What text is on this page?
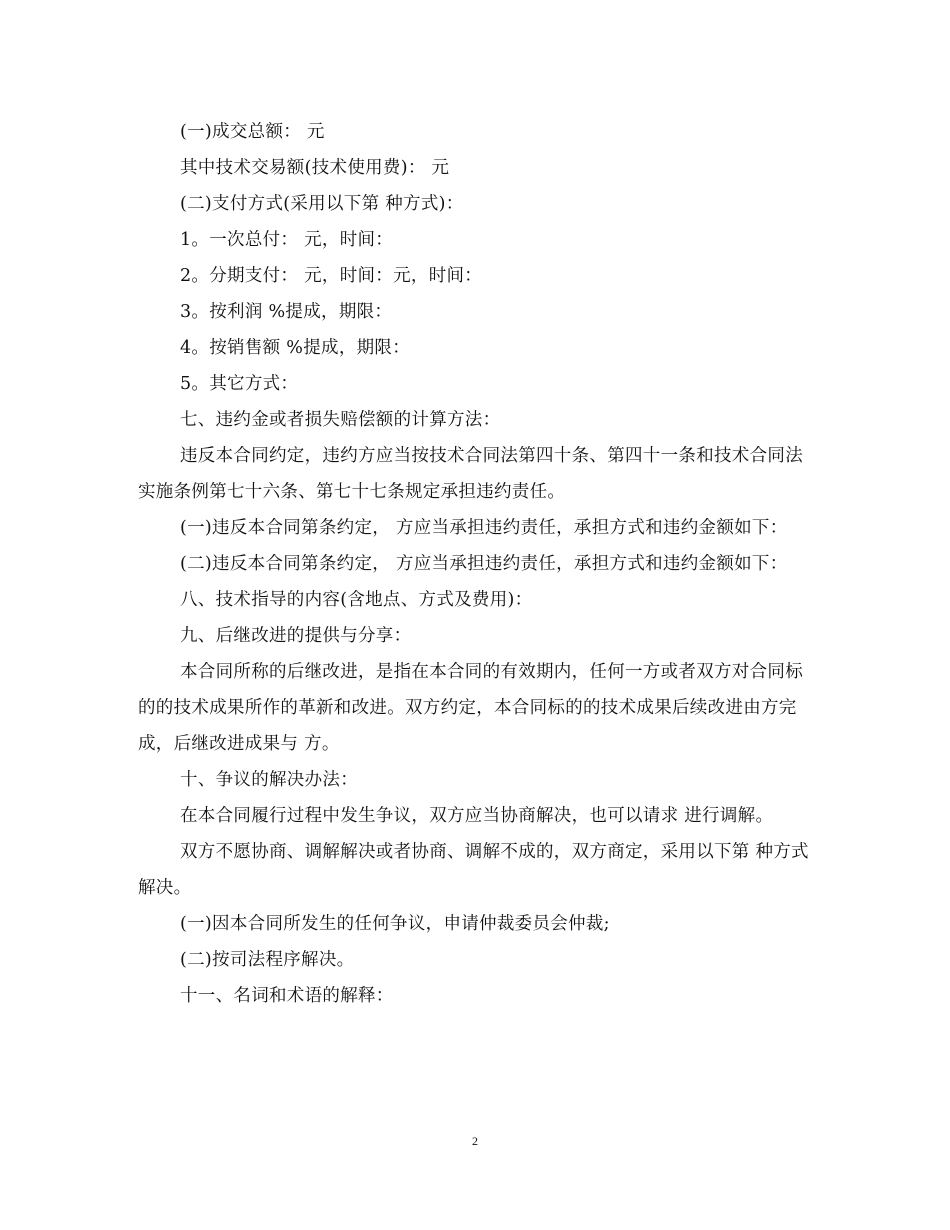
(一)成交总额： 元

其中技术交易额(技术使用费)： 元

(二)支付方式(采用以下第 种方式)：

1。一次总付： 元，时间：

2。分期支付： 元，时间：元，时间：

3。按利润 %提成，期限：

4。按销售额 %提成，期限：

5。其它方式：

七、违约金或者损失赔偿额的计算方法：

违反本合同约定，违约方应当按技术合同法第四十条、第四十一条和技术合同法实施条例第七十六条、第七十七条规定承担违约责任。

(一)违反本合同第条约定， 方应当承担违约责任，承担方式和违约金额如下：

(二)违反本合同第条约定， 方应当承担违约责任，承担方式和违约金额如下：

八、技术指导的内容(含地点、方式及费用)：

九、后继改进的提供与分享：

本合同所称的后继改进，是指在本合同的有效期内，任何一方或者双方对合同标的的技术成果所作的革新和改进。双方约定，本合同标的的技术成果后续改进由方完成，后继改进成果与 方。

十、争议的解决办法：

在本合同履行过程中发生争议，双方应当协商解决，也可以请求 进行调解。

双方不愿协商、调解解决或者协商、调解不成的，双方商定，采用以下第 种方式解决。

(一)因本合同所发生的任何争议，申请仲裁委员会仲裁;

(二)按司法程序解决。

十一、名词和术语的解释：

2
